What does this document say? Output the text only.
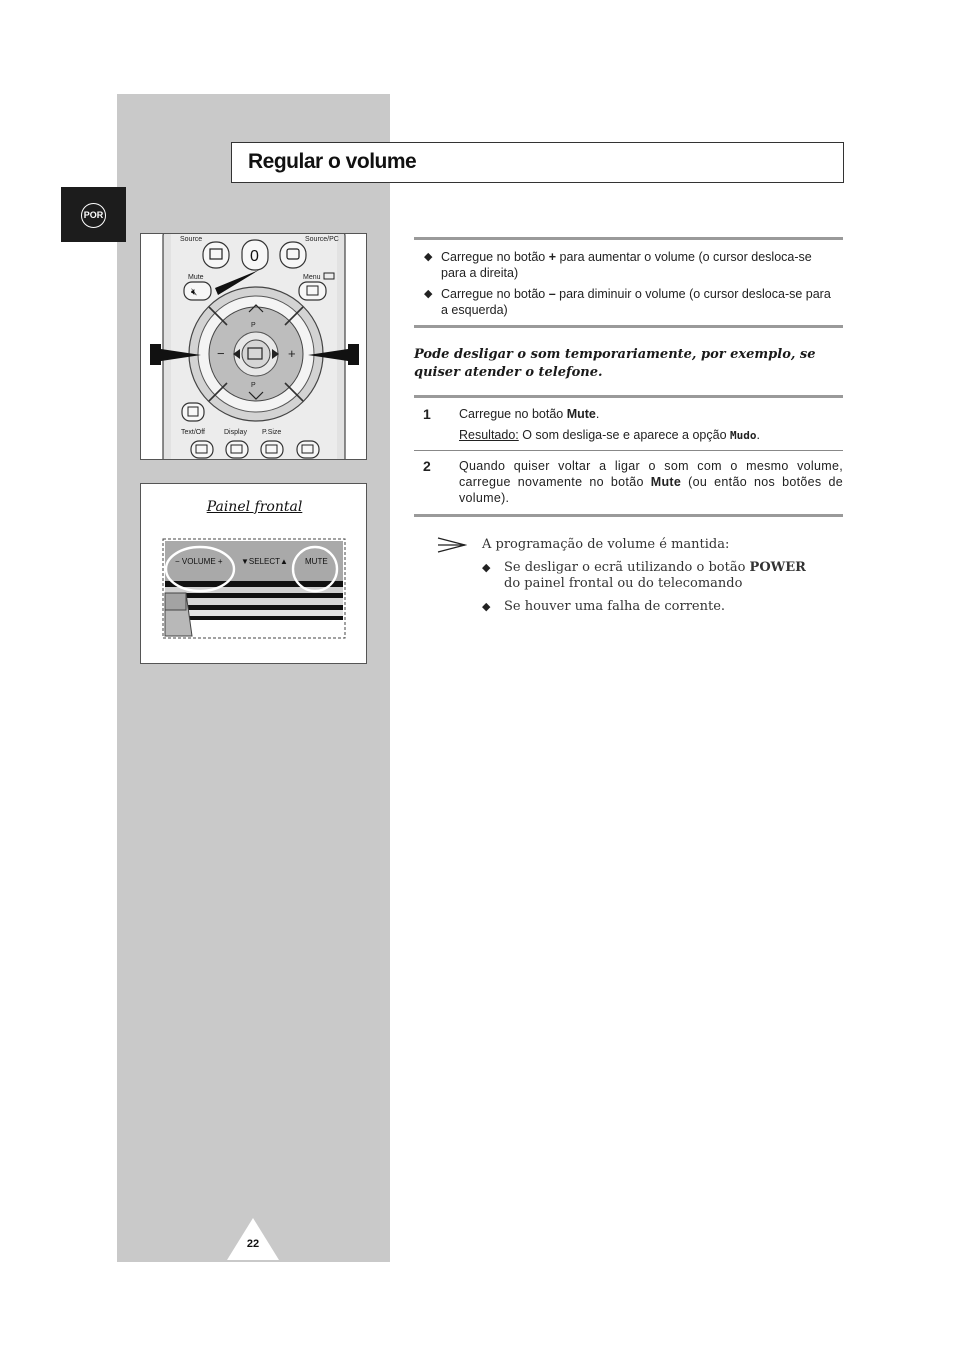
POR
Regular o volume
Source	Source/PC
0
Mute	Menu
🔇︎
P
P
−	+
Text/Off	Display P.Size
Painel frontal
− VOLUME + ▼SELECT▲ MUTE
◆ Carregue no botão + para aumentar o volume (o cursor desloca-se para a direita)
◆ Carregue no botão – para diminuir o volume (o cursor desloca-se para a esquerda)
Pode desligar o som temporariamente, por exemplo, se quiser atender o telefone.
1 Carregue no botão Mute.

Resultado: O som desliga-se e aparece a opção Mudo.

2 Quando quiser voltar a ligar o som com o mesmo volume, carregue novamente no botão Mute (ou então nos botões de volume).
A programação de volume é mantida:
◆ Se desligar o ecrã utilizando o botão POWER do painel frontal ou do telecomando
◆ Se houver uma falha de corrente.
22
